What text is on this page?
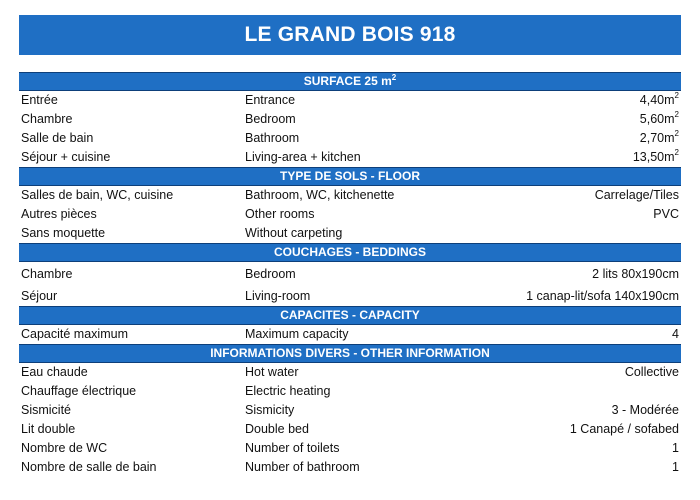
LE GRAND BOIS 918
SURFACE 25 $m^2$
Entrée	Entrance	$4,40m^2$
Chambre	Bedroom	$5,60m^2$
Salle de bain	Bathroom	$2,70m^2$
Séjour + cuisine	Living-area + kitchen	$13,50m^2$
TYPE DE SOLS - FLOOR
Salles de bain, WC, cuisine	Bathroom, WC, kitchenette	Carrelage/Tiles
Autres pièces	Other rooms	PVC
Sans moquette	Without carpeting
COUCHAGES - BEDDINGS
Chambre	Bedroom	2 lits 80x190cm
Séjour	Living-room	1 canap-lit/sofa 140x190cm
CAPACITES - CAPACITY
Capacité maximum	Maximum capacity	4
INFORMATIONS DIVERS - OTHER INFORMATION
Eau chaude	Hot water	Collective
Chauffage électrique	Electric heating
Sismicité	Sismicity	3 - Modérée
Lit double	Double bed	1 Canapé / sofabed
Nombre de WC	Number of toilets	1
Nombre de salle de bain	Number of bathroom	1
